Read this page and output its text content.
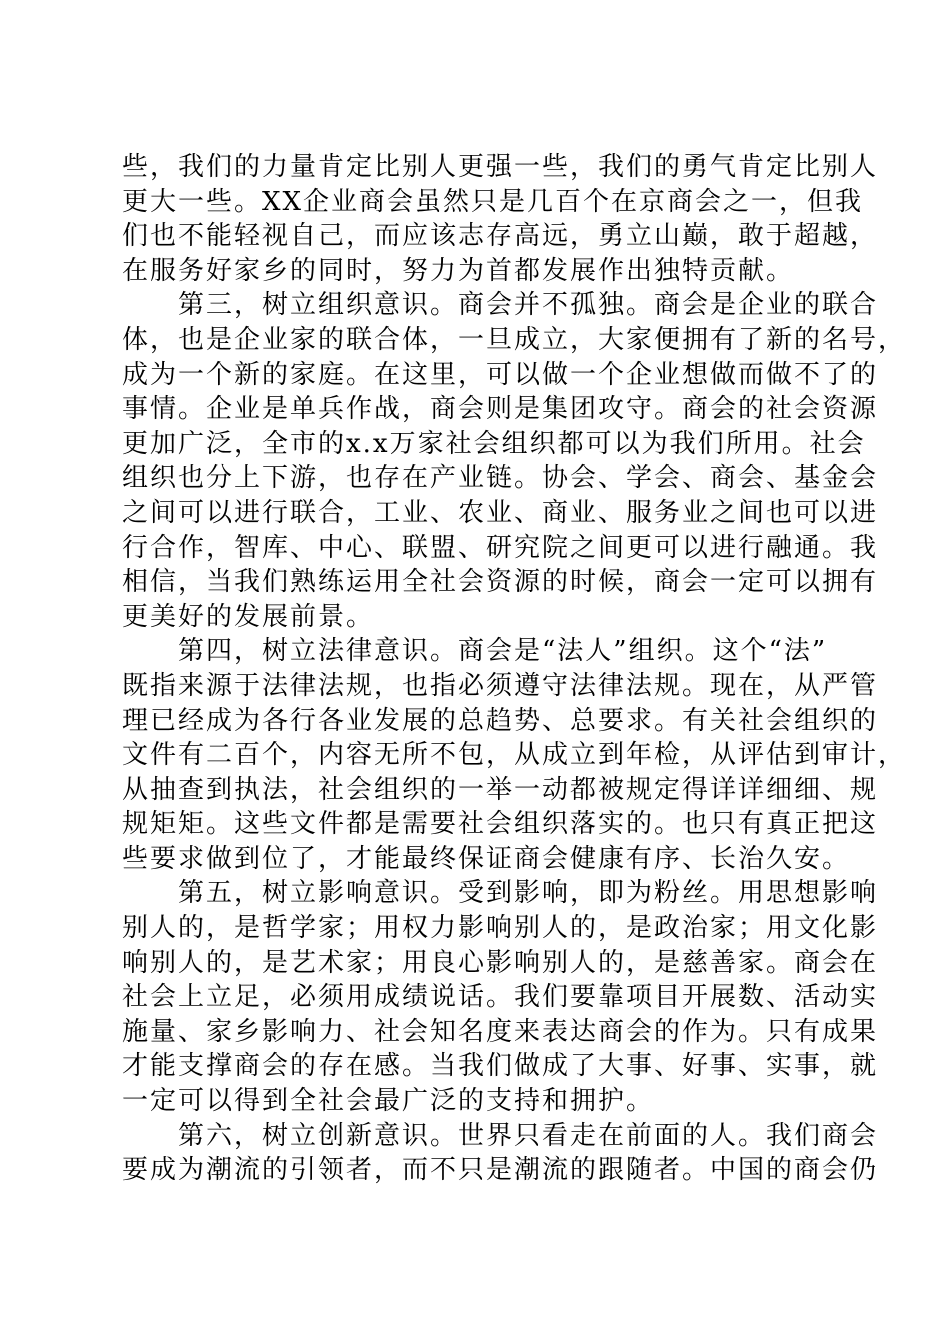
些，我们的力量肯定比别人更强一些，我们的勇气肯定比别人
更大一些。XX企业商会虽然只是几百个在京商会之一，但我
们也不能轻视自己，而应该志存高远，勇立山巅，敢于超越，
在服务好家乡的同时，努力为首都发展作出独特贡献。
第三，树立组织意识。商会并不孤独。商会是企业的联合
体，也是企业家的联合体，一旦成立，大家便拥有了新的名号，
成为一个新的家庭。在这里，可以做一个企业想做而做不了的
事情。企业是单兵作战，商会则是集团攻守。商会的社会资源
更加广泛，全市的x.x万家社会组织都可以为我们所用。社会
组织也分上下游，也存在产业链。协会、学会、商会、基金会
之间可以进行联合，工业、农业、商业、服务业之间也可以进
行合作，智库、中心、联盟、研究院之间更可以进行融通。我
相信，当我们熟练运用全社会资源的时候，商会一定可以拥有
更美好的发展前景。
第四，树立法律意识。商会是“法人”组织。这个“法”
既指来源于法律法规，也指必须遵守法律法规。现在，从严管
理已经成为各行各业发展的总趋势、总要求。有关社会组织的
文件有二百个，内容无所不包，从成立到年检，从评估到审计，
从抽查到执法，社会组织的一举一动都被规定得详详细细、规
规矩矩。这些文件都是需要社会组织落实的。也只有真正把这
些要求做到位了，才能最终保证商会健康有序、长治久安。
第五，树立影响意识。受到影响，即为粉丝。用思想影响
别人的，是哲学家；用权力影响别人的，是政治家；用文化影
响别人的，是艺术家；用良心影响别人的，是慈善家。商会在
社会上立足，必须用成绩说话。我们要靠项目开展数、活动实
施量、家乡影响力、社会知名度来表达商会的作为。只有成果
才能支撑商会的存在感。当我们做成了大事、好事、实事，就
一定可以得到全社会最广泛的支持和拥护。
第六，树立创新意识。世界只看走在前面的人。我们商会
要成为潮流的引领者，而不只是潮流的跟随者。中国的商会仍
